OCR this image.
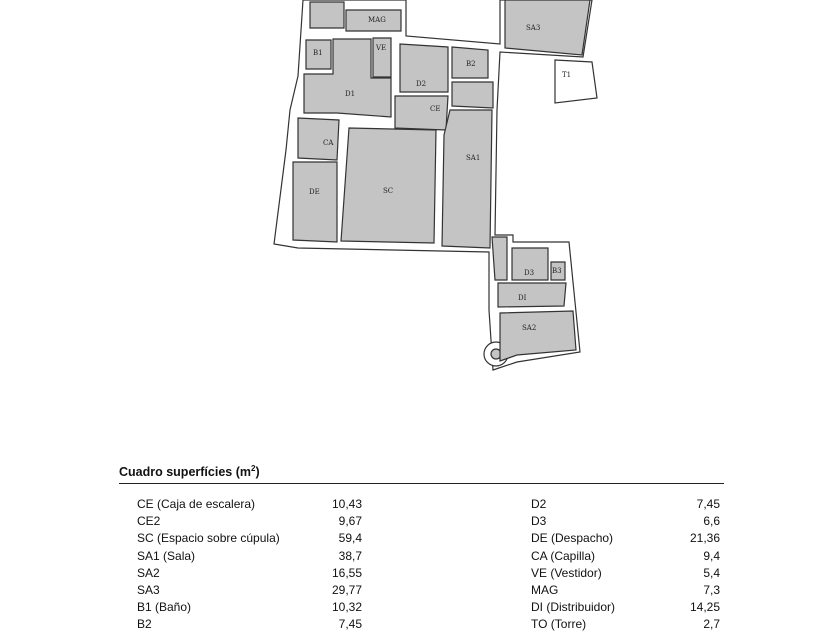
MAG
B1
VE
D1
D2
B2
CE
CA
DE	SC
SA1
SA3
T1
D3	B3
DI
SA2
Cuadro superfícies $(m^2)$
CE (Caja de escalera)	10,43
CE2	9,67
SC (Espacio sobre cúpula)	59,4
SA1 (Sala)	38,7
SA2	16,55
SA3	29,77
B1 (Baño)	10,32
B2	7,45
D2	7,45
D3	6,6
DE (Despacho)	21,36
CA (Capilla)	9,4
VE (Vestidor)	5,4
MAG	7,3
DI (Distribuidor)	14,25
TO (Torre)	2,7
